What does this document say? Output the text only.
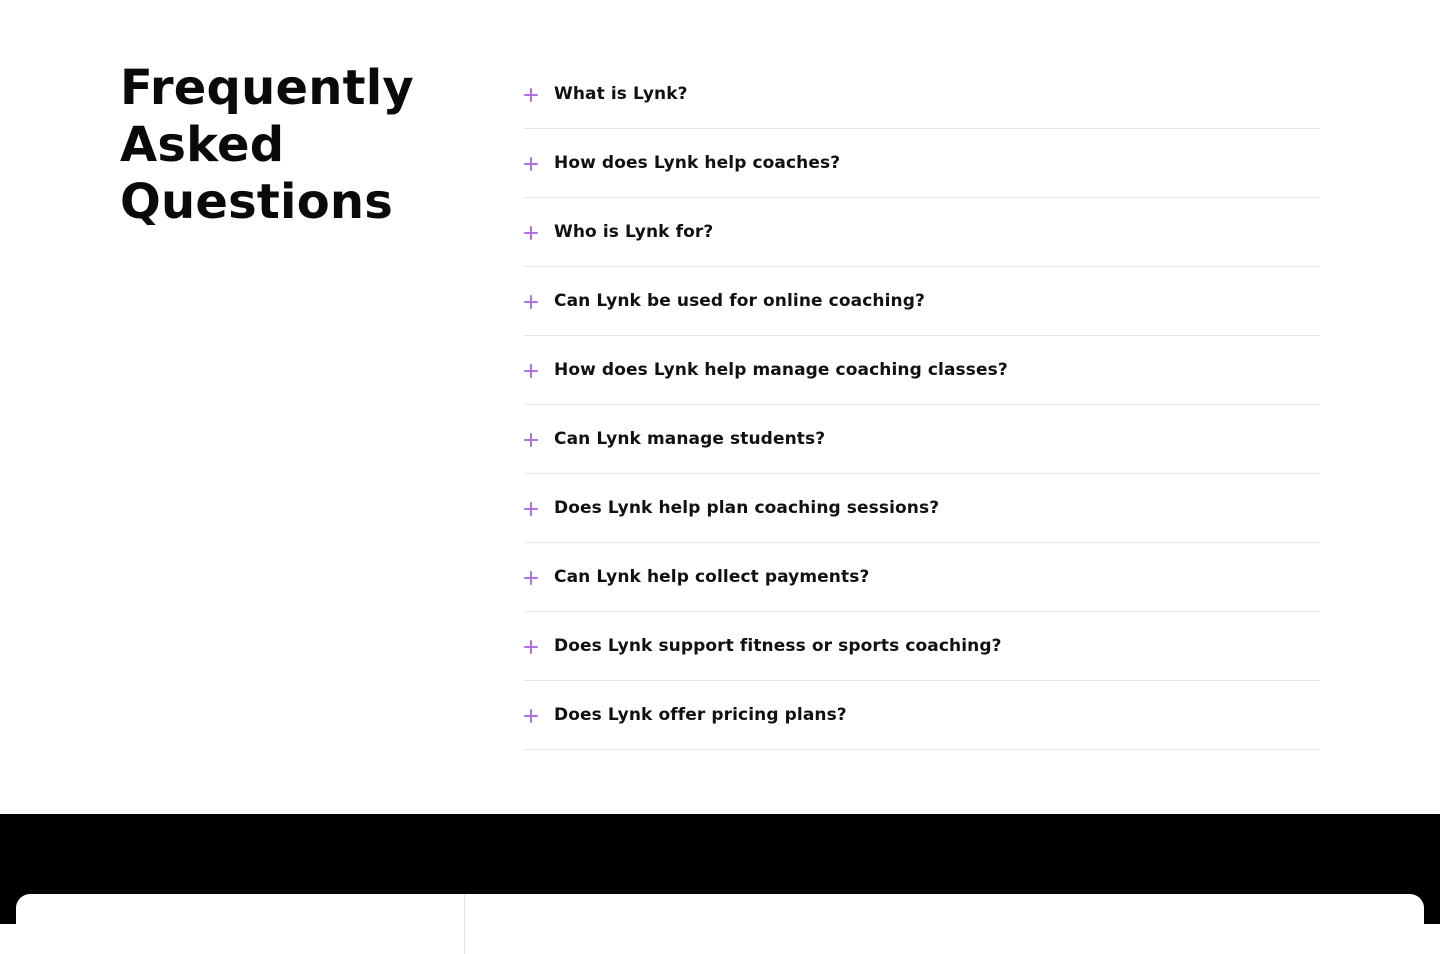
Frequently Asked Questions
What is Lynk?
How does Lynk help coaches?
Who is Lynk for?
Can Lynk be used for online coaching?
How does Lynk help manage coaching classes?
Can Lynk manage students?
Does Lynk help plan coaching sessions?
Can Lynk help collect payments?
Does Lynk support fitness or sports coaching?
Does Lynk offer pricing plans?
